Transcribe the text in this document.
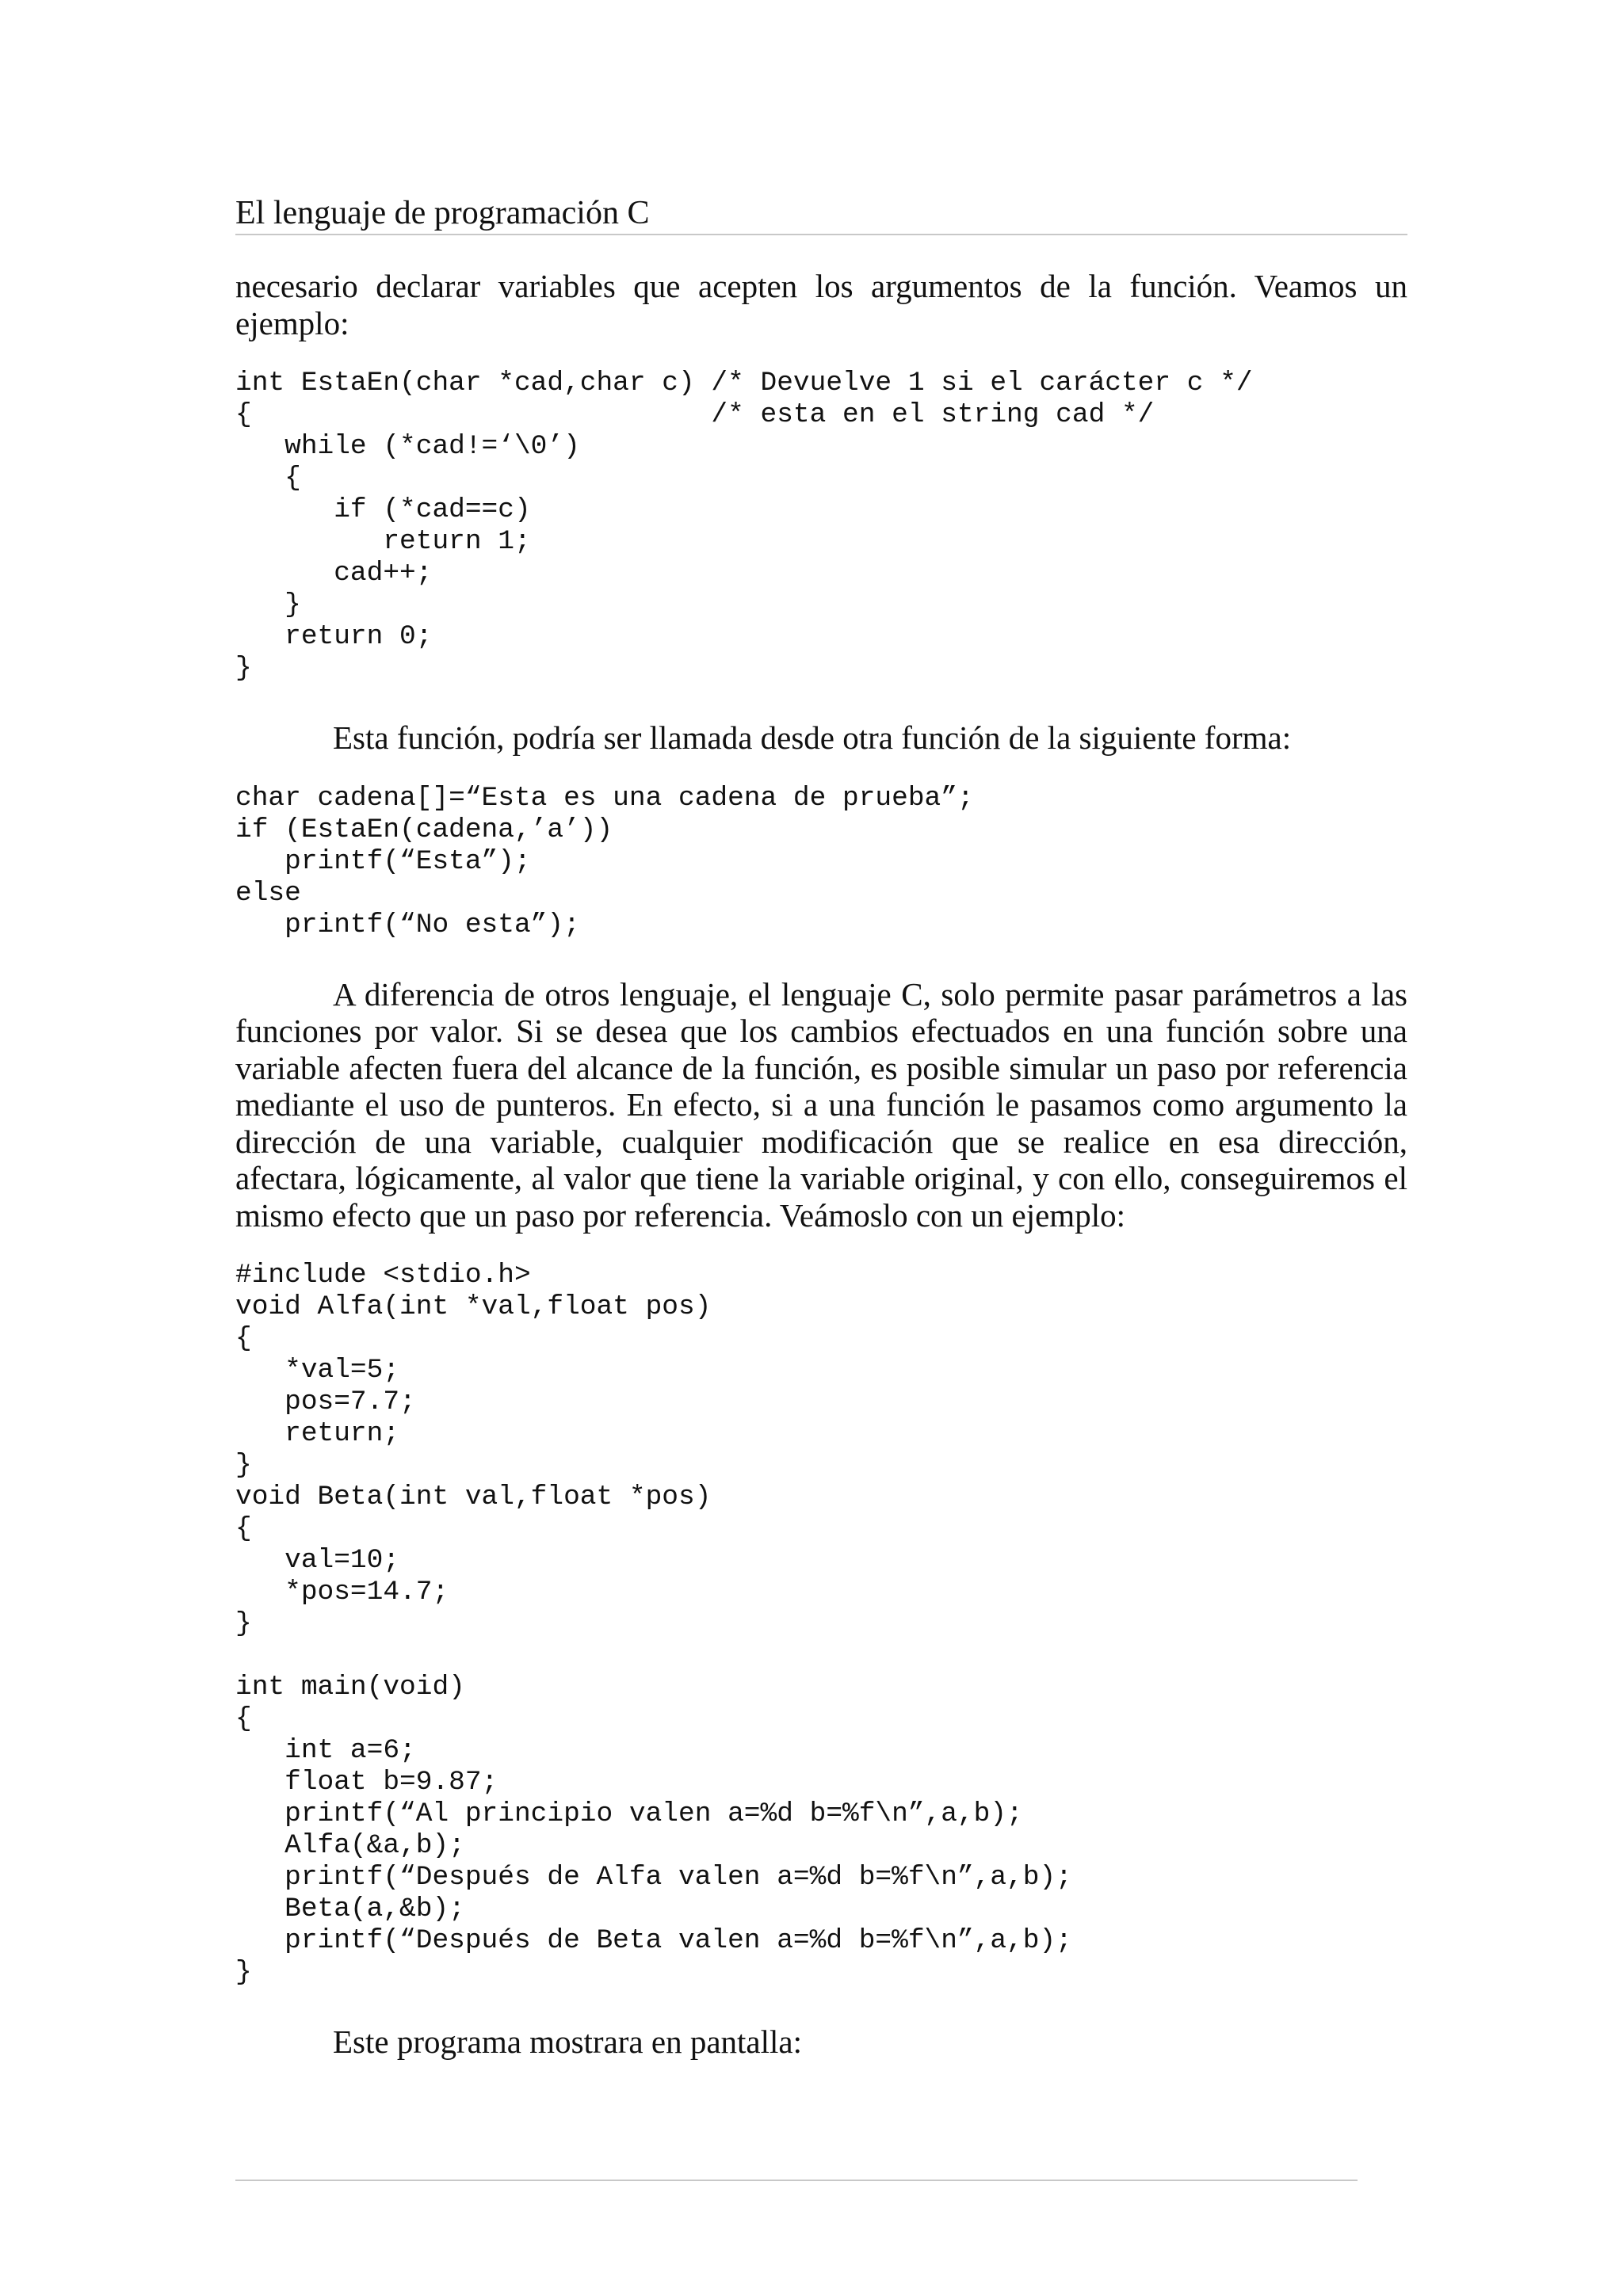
El lenguaje de programación C

necesario declarar variables que acepten los argumentos de la función. Veamos un ejemplo:

int EstaEn(char *cad,char c) /* Devuelve 1 si el carácter c */
{                            /* esta en el string cad */
while (*cad!=‘\0’)
{
if (*cad==c)
return 1;
cad++;
}
return 0;
}

Esta función, podría ser llamada desde otra función de la siguiente forma:

char cadena[]=“Esta es una cadena de prueba”;
if (EstaEn(cadena,’a’))
printf(“Esta”);
else
printf(“No esta”);

A diferencia de otros lenguaje, el lenguaje C, solo permite pasar parámetros a las funciones por valor. Si se desea que los cambios efectuados en una función sobre una variable afecten fuera del alcance de la función, es posible simular un paso por referencia mediante el uso de punteros. En efecto, si a una función le pasamos como argumento la dirección de una variable, cualquier modificación que se realice en esa dirección, afectara, lógicamente, al valor que tiene la variable original, y con ello, conseguiremos el mismo efecto que un paso por referencia. Veámoslo con un ejemplo:

#include <stdio.h>
void Alfa(int *val,float pos)
{
*val=5;
pos=7.7;
return;
}
void Beta(int val,float *pos)
{
val=10;
*pos=14.7;
}

int main(void)
{
int a=6;
float b=9.87;
printf(“Al principio valen a=%d b=%f\n”,a,b);
Alfa(&a,b);
printf(“Después de Alfa valen a=%d b=%f\n”,a,b);
Beta(a,&b);
printf(“Después de Beta valen a=%d b=%f\n”,a,b);
}

Este programa mostrara en pantalla:
